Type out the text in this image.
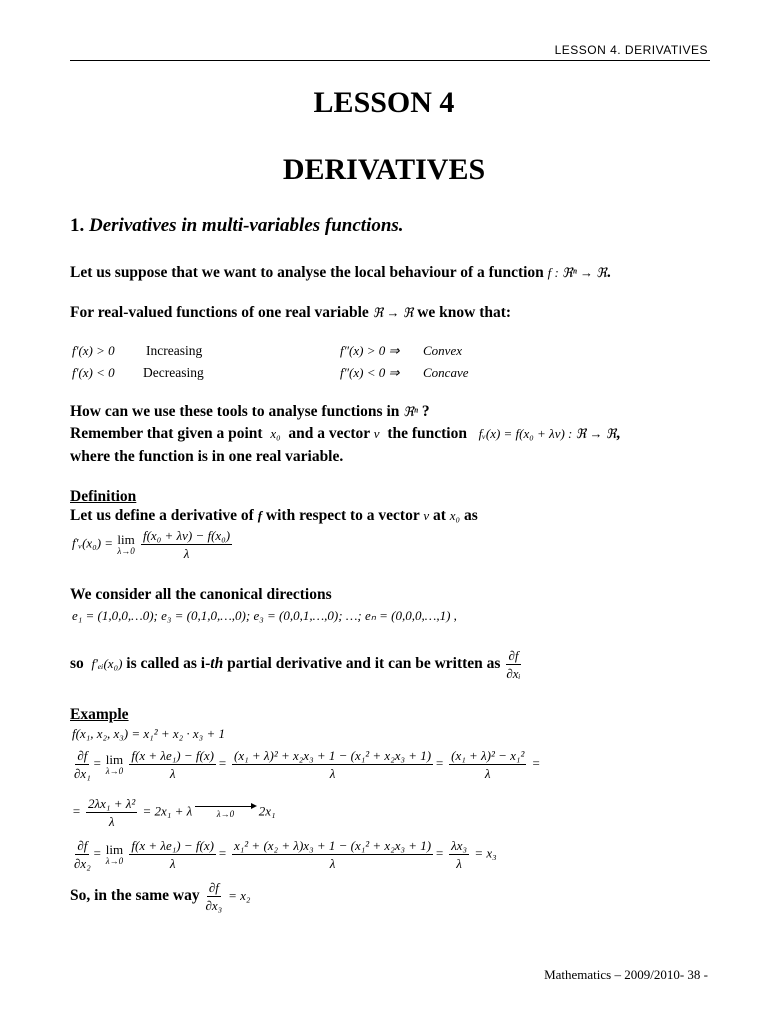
LESSON 4. DERIVATIVES
LESSON 4
DERIVATIVES
1. Derivatives in multi-variables functions.
Let us suppose that we want to analyse the local behaviour of a function f : ℜⁿ → ℜ.
For real-valued functions of one real variable ℜ → ℜ we know that:
f′(x) > 0 Increasing	f″(x) > 0 ⇒ Convex
f′(x) < 0 Decreasing	f″(x) < 0 ⇒ Concave
How can we use these tools to analyse functions in ℜⁿ ?
Remember that given a point x₀ and a vector v the function fᵥ(x) = f(x₀ + λv) : ℜ → ℜ,
where the function is in one real variable.
Definition
Let us define a derivative of f with respect to a vector v at x₀ as
f′ᵥ(x₀) = lim
λ→0
$\frac{\text{f(x₀ + λv) − f(x₀)}}{\lambda}$
We consider all the canonical directions
e₁ = (1,0,0,…0); e₃ = (0,1,0,…,0); e₃ = (0,0,1,…,0); …; eₙ = (0,0,0,…,1) ,
so f′ₑᵢ(x₀) is called as i-th partial derivative and it can be written as $\frac{\partial f}{\text{∂xᵢ}}$
Example
f(x₁, x₂, x₃) = x₁² + x₂ · x₃ + 1
$\frac{\partial f}{\text{∂x₁}} = \lim$
λ→0
$\frac{\text{f(x + λe₁) − f(x)}}{\lambda} = \frac{\text{(x₁ + λ)² + x₂x₃ + 1 − (x₁² + x₂x₃ + 1)}}{\lambda} = \frac{\text{(x₁ + λ)² − x₁²}}{\lambda}$ =
= $\frac{\text{2λx₁ + λ²}}{\lambda} = 2x_1 + \lambda$	λ→0 2x₁
$\frac{\partial f}{\text{∂x₂}} = \lim$
λ→0
$\frac{\text{f(x + λe₁) − f(x)}}{\lambda} = \frac{\text{x₁² + (x₂ + λ)x₃ + 1 − (x₁² + x₂x₃ + 1)}}{\lambda} = \frac{\text{λx₃}}{\lambda} = x_3$
So, in the same way $\frac{\partial f}{\text{∂x₃}} = x_2$
Mathematics – 2009/2010- 38 -
